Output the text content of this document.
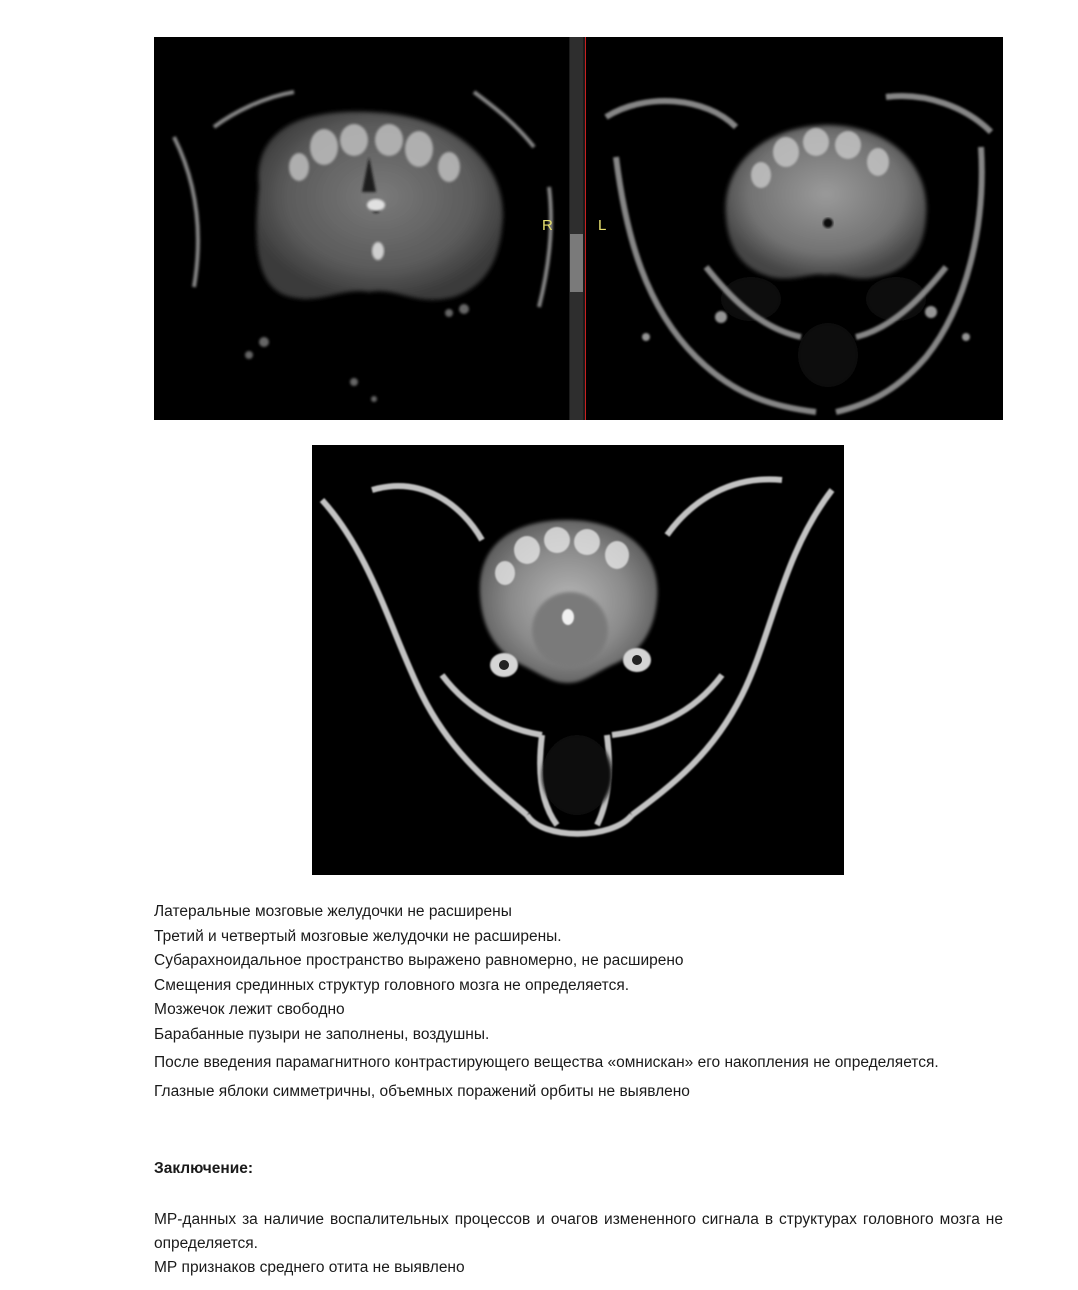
R	L

Латеральные мозговые желудочки не расширены

Третий и четвертый мозговые желудочки не расширены.

Субарахноидальное пространство выражено равномерно, не расширено

Смещения срединных структур головного мозга не определяется.

Мозжечок лежит свободно

Барабанные пузыри не заполнены, воздушны.

После введения парамагнитного контрастирующего вещества «омнискан» его накопления не определяется.

Глазные яблоки симметричны, объемных поражений орбиты не выявлено

Заключение:

МР-данных за наличие воспалительных процессов и очагов измененного сигнала в структурах головного мозга не определяется.

МР признаков среднего отита не выявлено
